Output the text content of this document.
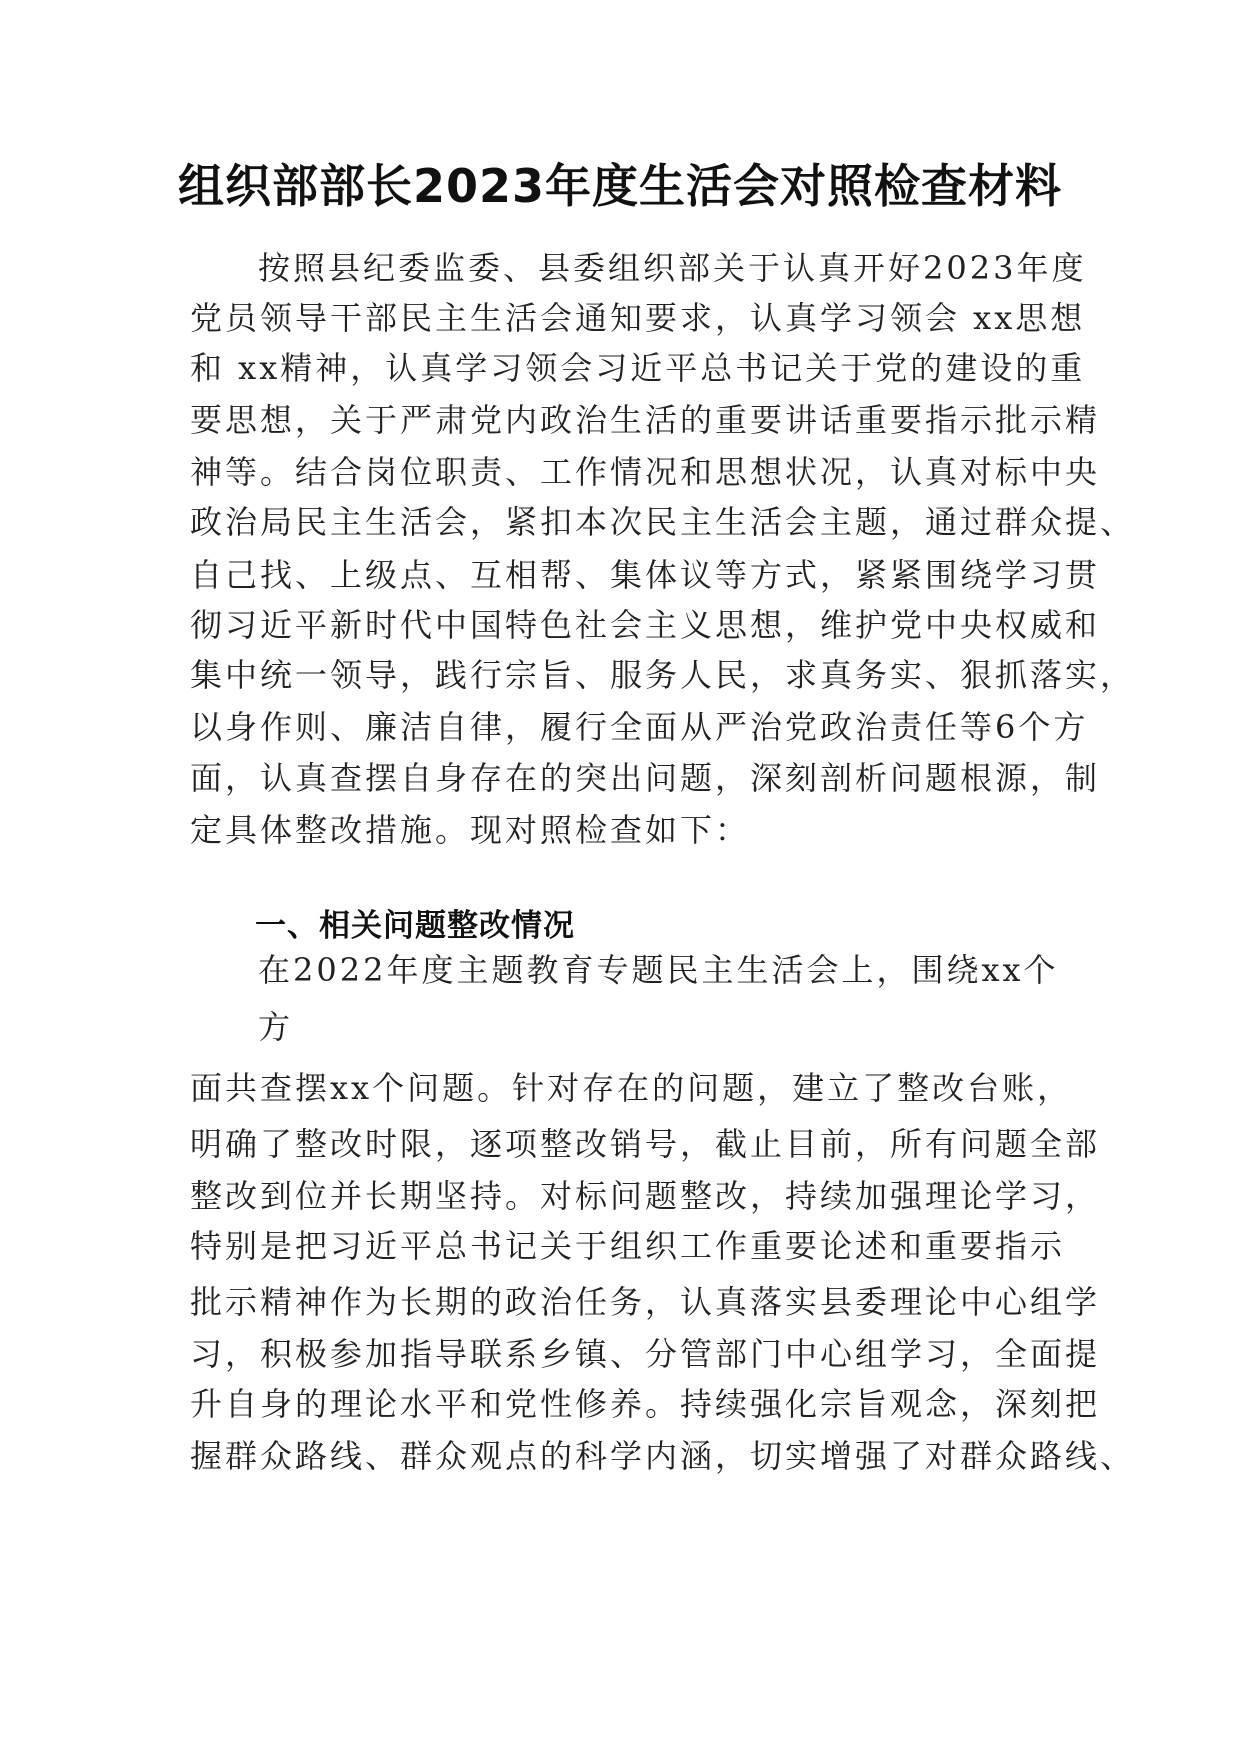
组织部部长2023年度生活会对照检查材料
按照县纪委监委、县委组织部关于认真开好2023年度
党员领导干部民主生活会通知要求，认真学习领会 xx思想
和 xx精神，认真学习领会习近平总书记关于党的建设的重
要思想，关于严肃党内政治生活的重要讲话重要指示批示精
神等。结合岗位职责、工作情况和思想状况，认真对标中央
政治局民主生活会，紧扣本次民主生活会主题，通过群众提、
自己找、上级点、互相帮、集体议等方式，紧紧围绕学习贯
彻习近平新时代中国特色社会主义思想，维护党中央权威和
集中统一领导，践行宗旨、服务人民，求真务实、狠抓落实，
以身作则、廉洁自律，履行全面从严治党政治责任等6个方
面，认真查摆自身存在的突出问题，深刻剖析问题根源，制
定具体整改措施。现对照检查如下：
一、相关问题整改情况
在2022年度主题教育专题民主生活会上，围绕xx个
方
面共查摆xx个问题。针对存在的问题，建立了整改台账，
明确了整改时限，逐项整改销号，截止目前，所有问题全部
整改到位并长期坚持。对标问题整改，持续加强理论学习，
特别是把习近平总书记关于组织工作重要论述和重要指示
批示精神作为长期的政治任务，认真落实县委理论中心组学
习，积极参加指导联系乡镇、分管部门中心组学习，全面提
升自身的理论水平和党性修养。持续强化宗旨观念，深刻把
握群众路线、群众观点的科学内涵，切实增强了对群众路线、
